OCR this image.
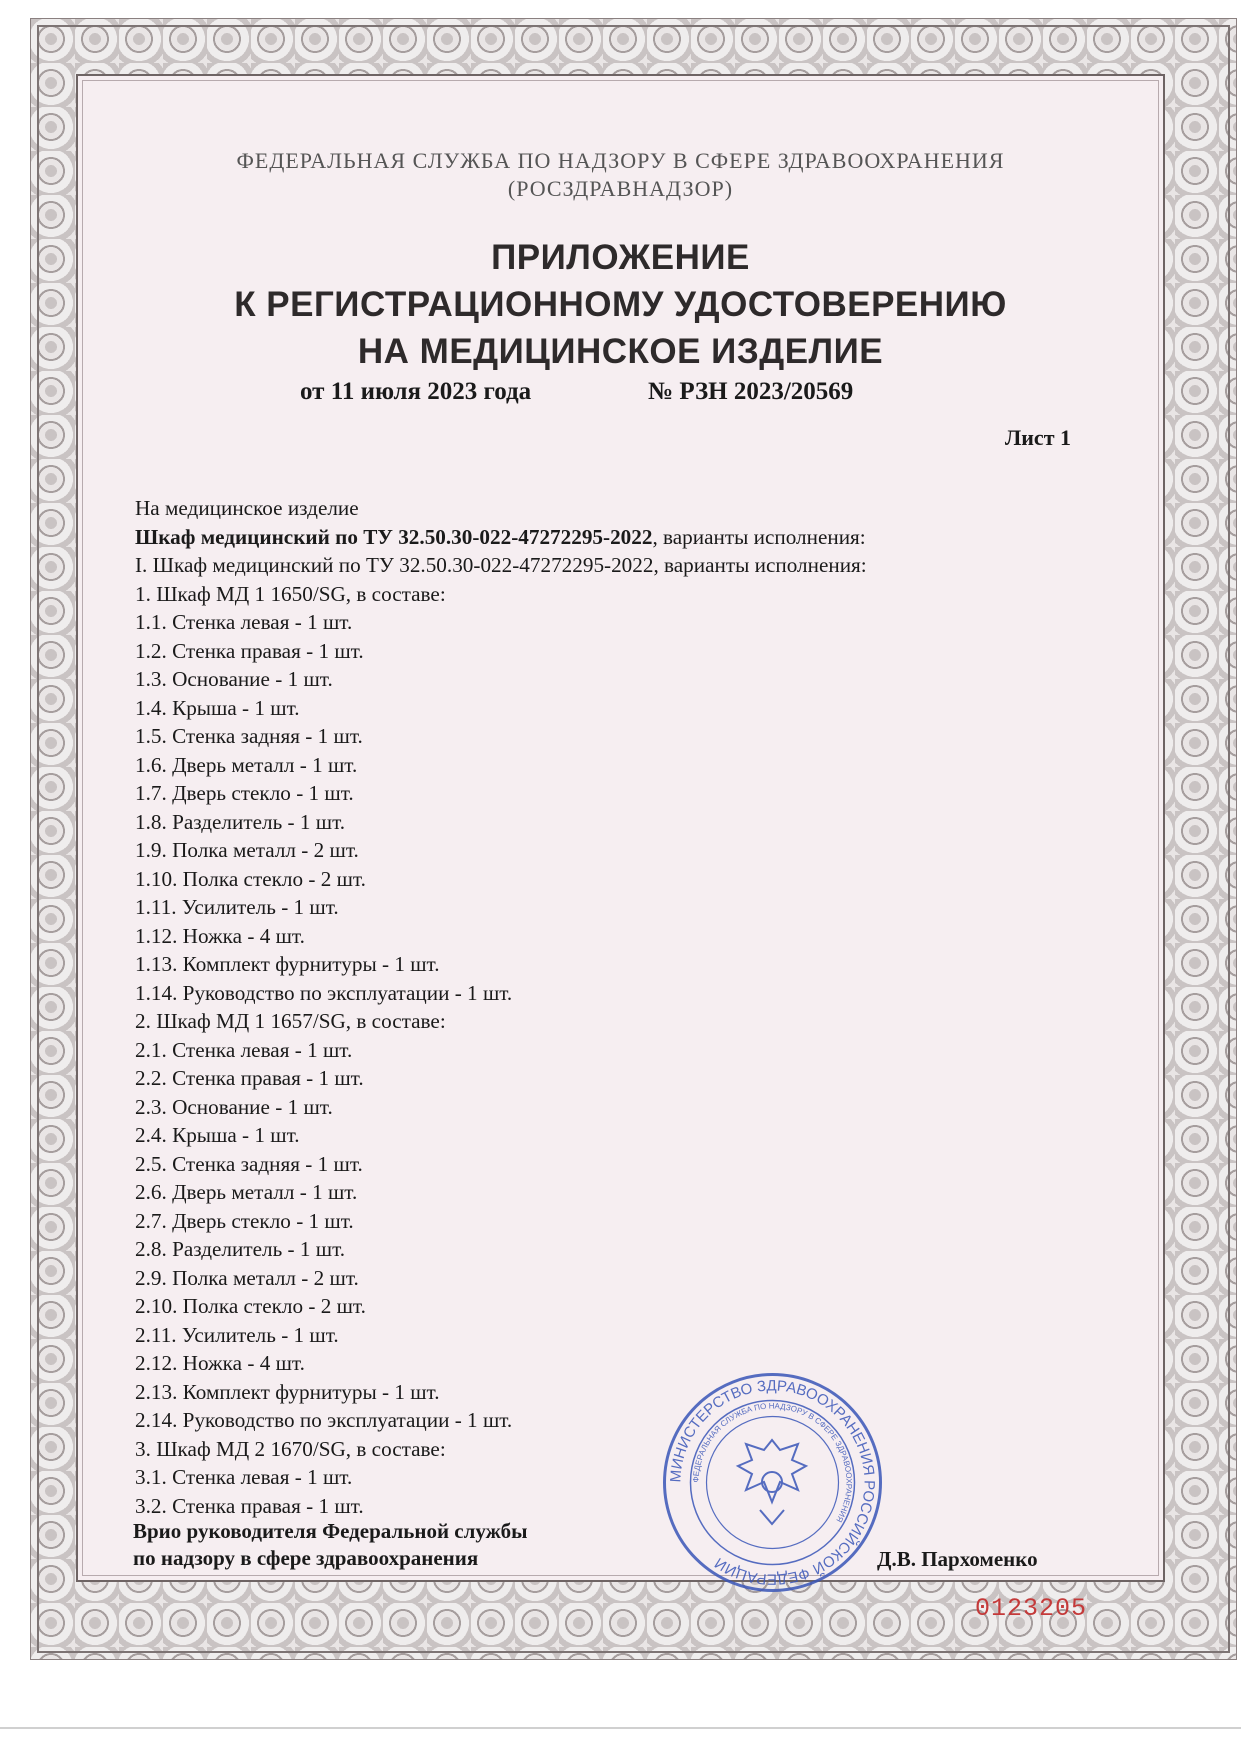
ФЕДЕРАЛЬНАЯ СЛУЖБА ПО НАДЗОРУ В СФЕРЕ ЗДРАВООХРАНЕНИЯ
(РОСЗДРАВНАДЗОР)
ПРИЛОЖЕНИЕ
К РЕГИСТРАЦИОННОМУ УДОСТОВЕРЕНИЮ
НА МЕДИЦИНСКОЕ ИЗДЕЛИЕ
от 11 июля 2023 года	№ РЗН 2023/20569
Лист 1
На медицинское изделие
Шкаф медицинский по ТУ 32.50.30-022-47272295-2022, варианты исполнения:
I. Шкаф медицинский по ТУ 32.50.30-022-47272295-2022, варианты исполнения:
1. Шкаф МД 1 1650/SG, в составе:
1.1. Стенка левая - 1 шт.
1.2. Стенка правая - 1 шт.
1.3. Основание - 1 шт.
1.4. Крыша - 1 шт.
1.5. Стенка задняя - 1 шт.
1.6. Дверь металл - 1 шт.
1.7. Дверь стекло - 1 шт.
1.8. Разделитель - 1 шт.
1.9. Полка металл - 2 шт.
1.10. Полка стекло - 2 шт.
1.11. Усилитель - 1 шт.
1.12. Ножка - 4 шт.
1.13. Комплект фурнитуры - 1 шт.
1.14. Руководство по эксплуатации - 1 шт.
2. Шкаф МД 1 1657/SG, в составе:
2.1. Стенка левая - 1 шт.
2.2. Стенка правая - 1 шт.
2.3. Основание - 1 шт.
2.4. Крыша - 1 шт.
2.5. Стенка задняя - 1 шт.
2.6. Дверь металл - 1 шт.
2.7. Дверь стекло - 1 шт.
2.8. Разделитель - 1 шт.
2.9. Полка металл - 2 шт.
2.10. Полка стекло - 2 шт.
2.11. Усилитель - 1 шт.
2.12. Ножка - 4 шт.
2.13. Комплект фурнитуры - 1 шт.
2.14. Руководство по эксплуатации - 1 шт.
3. Шкаф МД 2 1670/SG, в составе:
3.1. Стенка левая - 1 шт.
3.2. Стенка правая - 1 шт.
Врио руководителя Федеральной службы
по надзору в сфере здравоохранения
МИНИСТЕРСТВО ЗДРАВООХРАНЕНИЯ РОССИЙСКОЙ ФЕДЕРАЦИИ
ФЕДЕРАЛЬНАЯ СЛУЖБА ПО НАДЗОРУ В СФЕРЕ ЗДРАВООХРАНЕНИЯ
Д.В. Пархоменко
0123205
